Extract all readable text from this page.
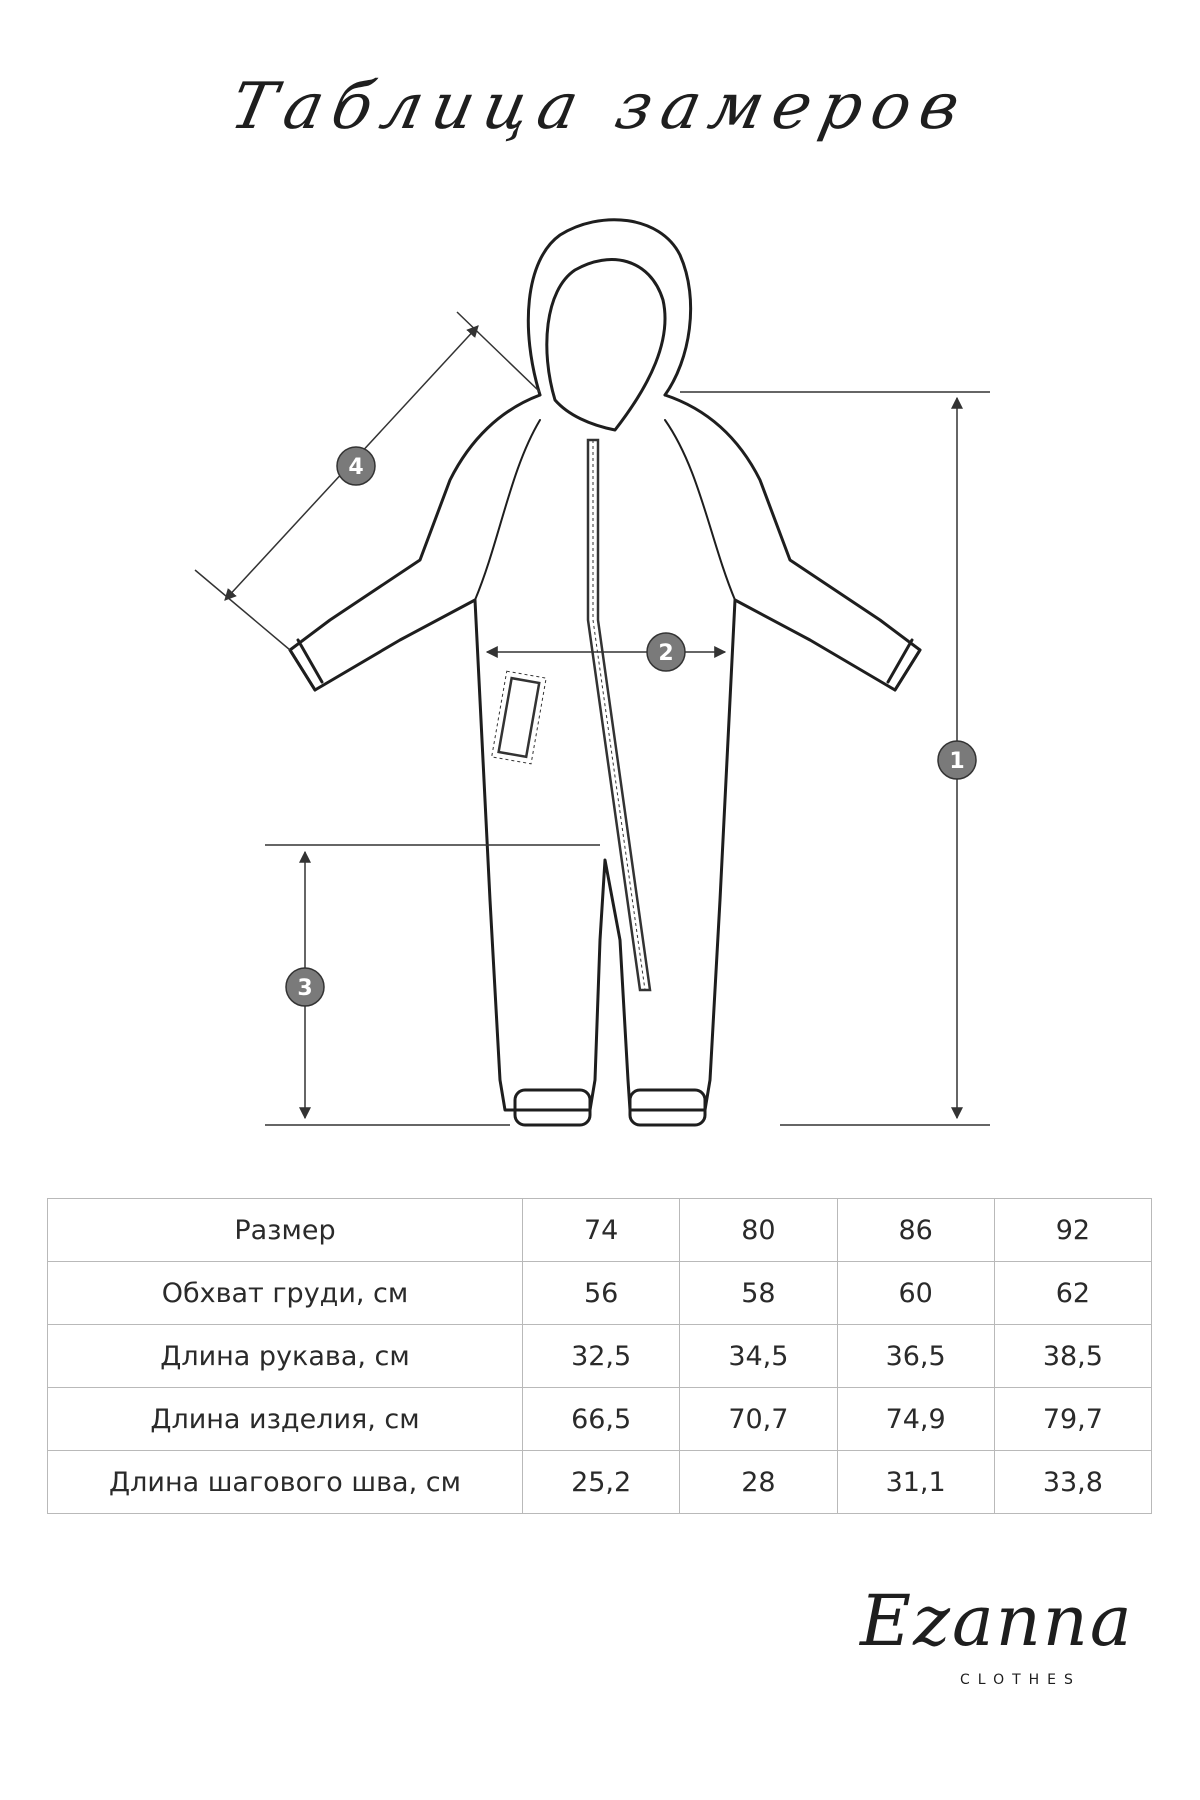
Таблица замеров
1
2
3
4
Размер	74	80	86	92
Обхват груди, см	56	58	60	62
Длина рукава, см	32,5	34,5	36,5	38,5
Длина изделия, см	66,5	70,7	74,9	79,7
Длина шагового шва, см	25,2	28	31,1	33,8
Ezanna
CLOTHES
